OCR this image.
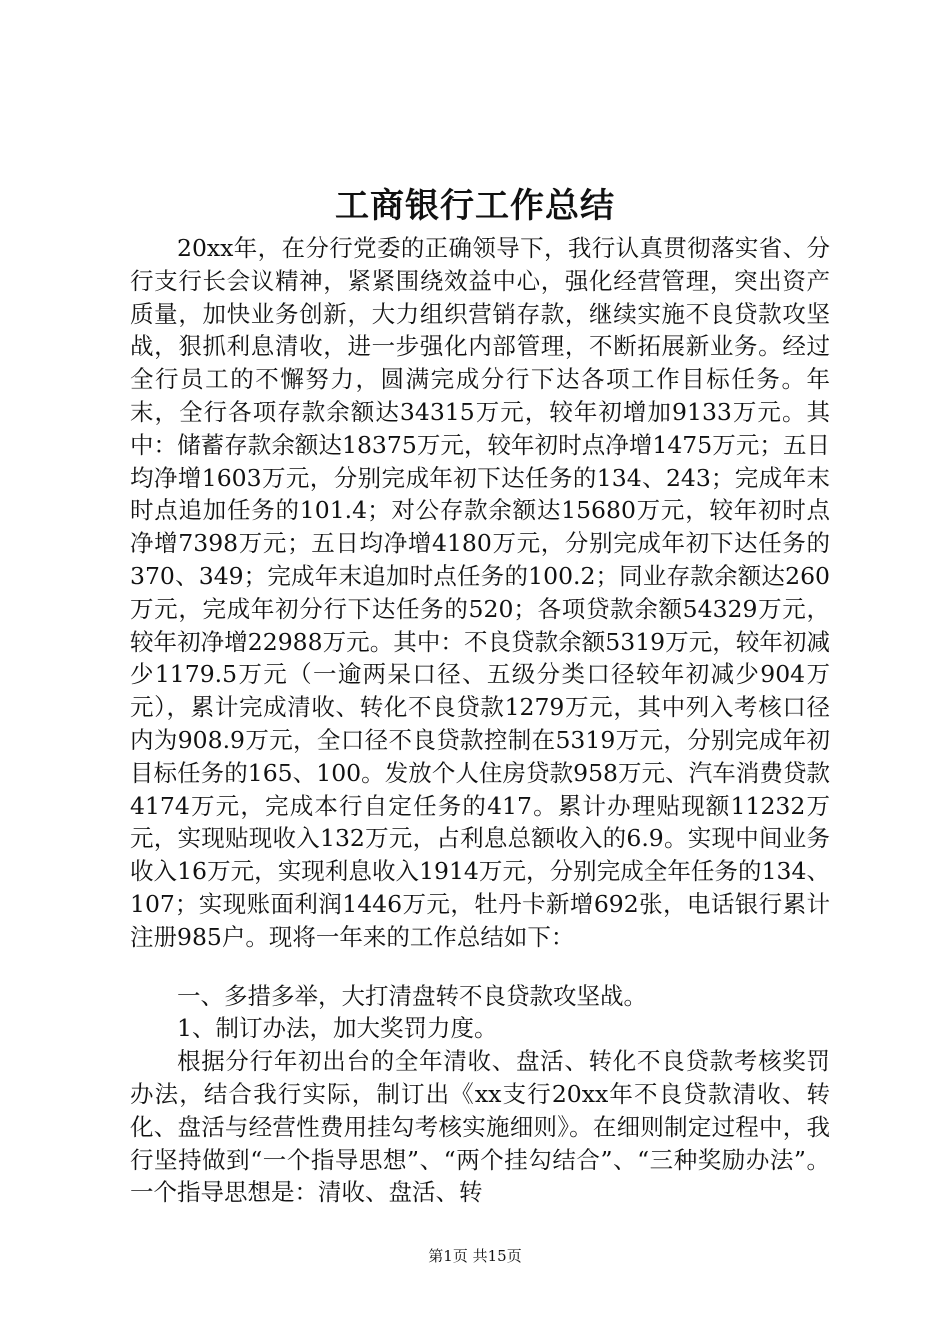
工商银行工作总结

20xx年，在分行党委的正确领导下，我行认真贯彻落实省、分行支行长会议精神，紧紧围绕效益中心，强化经营管理，突出资产质量，加快业务创新，大力组织营销存款，继续实施不良贷款攻坚战，狠抓利息清收，进一步强化内部管理，不断拓展新业务。经过全行员工的不懈努力，圆满完成分行下达各项工作目标任务。年末，全行各项存款余额达34315万元，较年初增加9133万元。其中：储蓄存款余额达18375万元，较年初时点净增1475万元；五日均净增1603万元，分别完成年初下达任务的134、243；完成年末时点追加任务的101.4；对公存款余额达15680万元，较年初时点净增7398万元；五日均净增4180万元，分别完成年初下达任务的370、349；完成年末追加时点任务的100.2；同业存款余额达260万元，完成年初分行下达任务的520；各项贷款余额54329万元，较年初净增22988万元。其中：不良贷款余额5319万元，较年初减少1179.5万元（一逾两呆口径、五级分类口径较年初减少904万元），累计完成清收、转化不良贷款1279万元，其中列入考核口径内为908.9万元，全口径不良贷款控制在5319万元，分别完成年初目标任务的165、100。发放个人住房贷款958万元、汽车消费贷款4174万元，完成本行自定任务的417。累计办理贴现额11232万元，实现贴现收入132万元，占利息总额收入的6.9。实现中间业务收入16万元，实现利息收入1914万元，分别完成全年任务的134、107；实现账面利润1446万元，牡丹卡新增692张，电话银行累计注册985户。现将一年来的工作总结如下：

一、多措多举，大打清盘转不良贷款攻坚战。

1、制订办法，加大奖罚力度。

根据分行年初出台的全年清收、盘活、转化不良贷款考核奖罚办法，结合我行实际，制订出《xx支行20xx年不良贷款清收、转化、盘活与经营性费用挂勾考核实施细则》。在细则制定过程中，我行坚持做到“一个指导思想”、“两个挂勾结合”、“三种奖励办法”。一个指导思想是：清收、盘活、转

第1页 共15页
